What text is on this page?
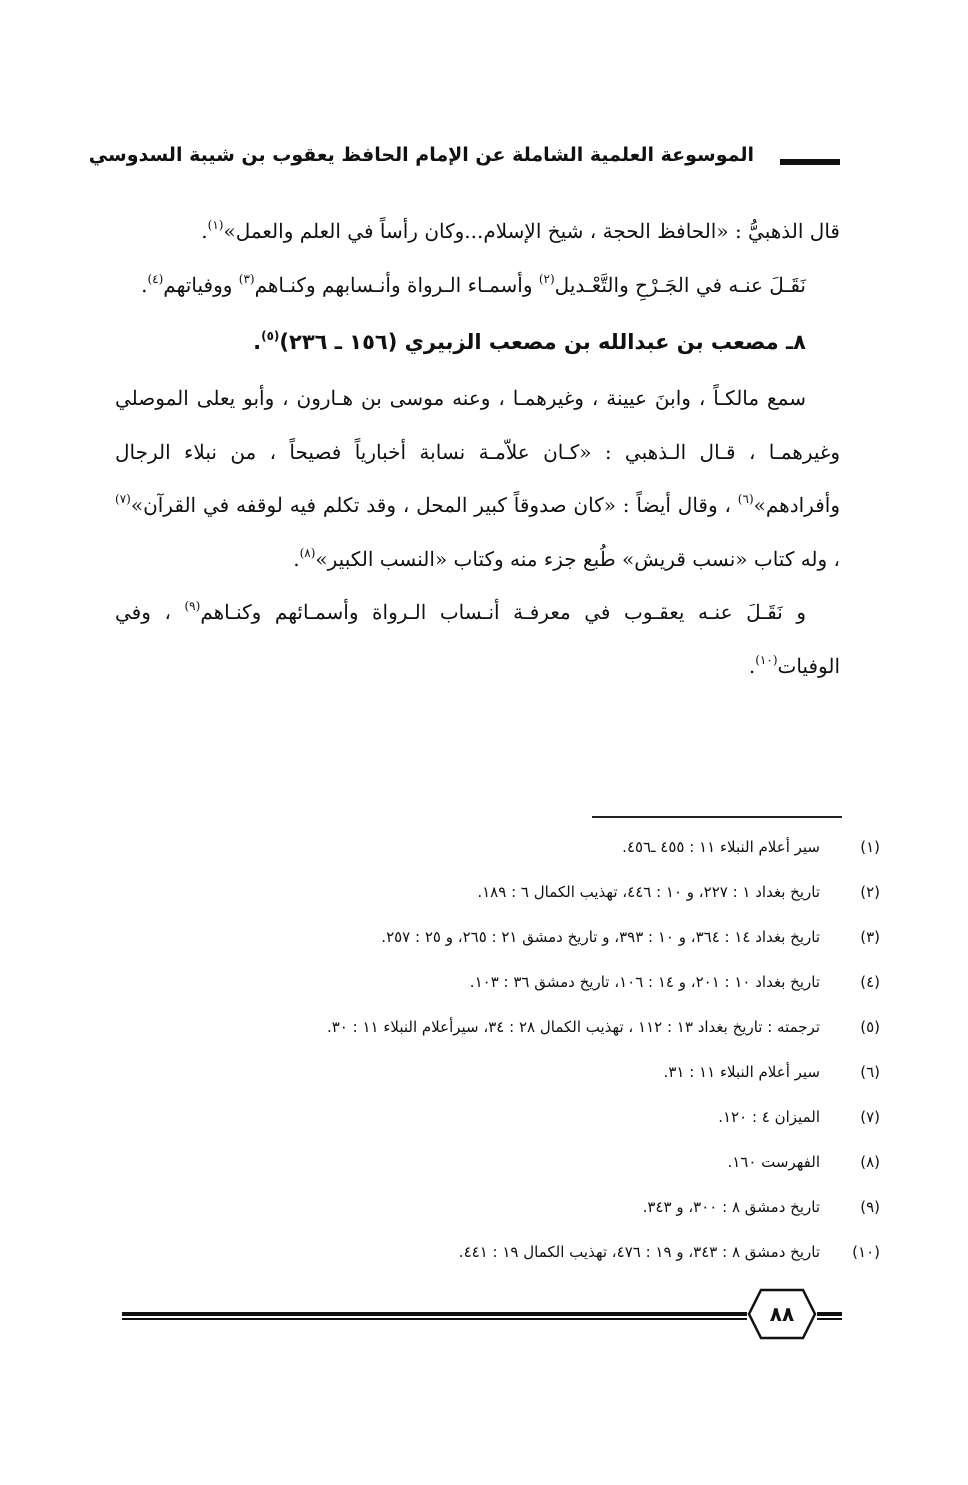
الموسوعة العلمية الشاملة عن الإمام الحافظ يعقوب بن شيبة السدوسي

قال الذهبيُّ : «الحافظ الحجة ، شيخ الإسلام...وكان رأساً في العلم والعمل»$^{(١)}$.

نَقَـلَ عنـه في الجَـرْحِ والتَّعْـديل$^{(٢)}$ وأسمـاء الـرواة وأنـسابهم وكنـاهم$^{(٣)}$ ووفياتهم$^{(٤)}$.

٨ـ مصعب بن عبدالله بن مصعب الزبيري (١٥٦ ـ ٢٣٦)$^{(٥)}$.

سمع مالكـاً ، وابنَ عيينة ، وغيرهمـا ، وعنه موسى بن هـارون ، وأبو يعلى الموصلي وغيرهمـا ، قـال الـذهبي : «كـان علاّمـة نسابة أخبارياً فصيحاً ، من نبلاء الرجال وأفرادهم»$^{(٦)}$ ، وقال أيضاً : «كان صدوقاً كبير المحل ، وقد تكلم فيه لوقفه في القرآن»$^{(٧)}$ ، وله كتاب «نسب قريش» طُبع جزء منه وكتاب «النسب الكبير»$^{(٨)}$.

و نَقَـلَ عنـه يعقـوب في معرفـة أنـساب الـرواة وأسمـائهم وكنـاهم$^{(٩)}$ ، وفي الوفيات$^{(١٠)}$.

(١)
سير أعلام النبلاء ١١ : ٤٥٥ ـ٤٥٦.
(٢)
تاريخ بغداد ١ : ٢٢٧، و ١٠ : ٤٤٦، تهذيب الكمال ٦ : ١٨٩.
(٣)
تاريخ بغداد ١٤ : ٣٦٤، و ١٠ : ٣٩٣، و تاريخ دمشق ٢١ : ٢٦٥، و ٢٥ : ٢٥٧.
(٤)
تاريخ بغداد ١٠ : ٢٠١، و ١٤ : ١٠٦، تاريخ دمشق ٣٦ : ١٠٣.
(٥)
ترجمته : تاريخ بغداد ١٣ : ١١٢ ، تهذيب الكمال ٢٨ : ٣٤، سيرأعلام النبلاء ١١ : ٣٠.
(٦)
سير أعلام النبلاء ١١ : ٣١.
(٧)
الميزان ٤ : ١٢٠.
(٨)
الفهرست ١٦٠.
(٩)
تاريخ دمشق ٨ : ٣٠٠، و ٣٤٣.
(١٠)
تاريخ دمشق ٨ : ٣٤٣، و ١٩ : ٤٧٦، تهذيب الكمال ١٩ : ٤٤١.
٨٨
